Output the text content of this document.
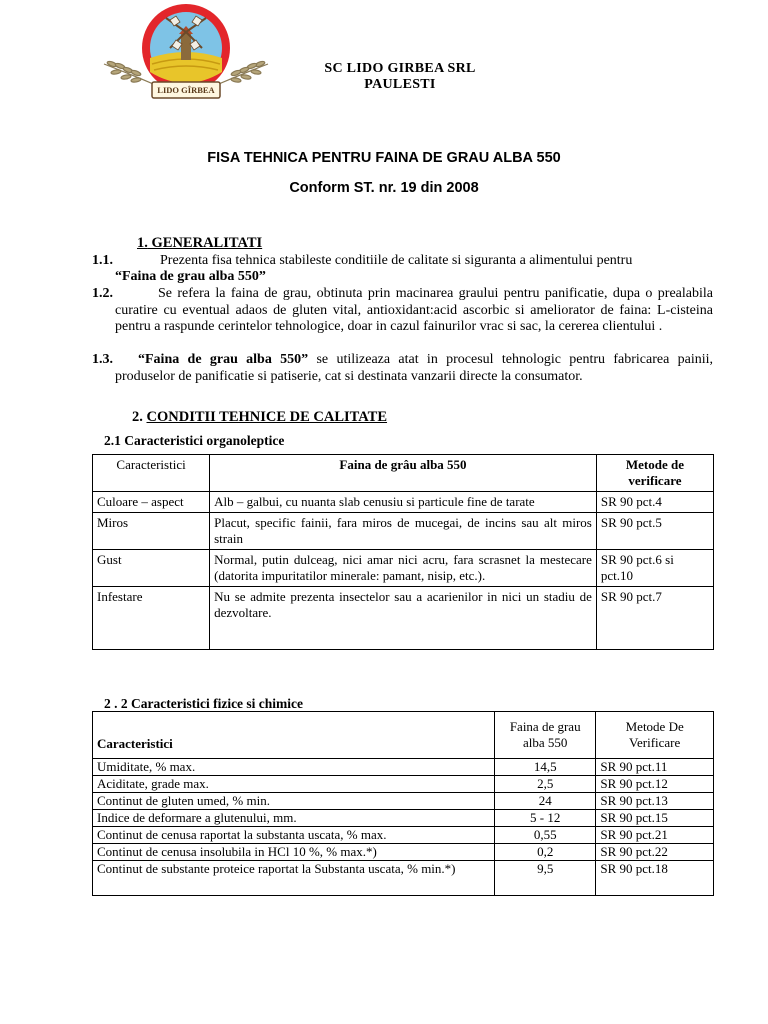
LIDO GÎRBEA
SC LIDO GIRBEA SRL
PAULESTI
FISA TEHNICA PENTRU FAINA DE GRAU ALBA 550
Conform ST. nr. 19 din 2008
1. GENERALITATI
1.1.	Prezenta fisa tehnica stabileste conditiile de calitate si siguranta a alimentului pentru
“Faina de grau alba 550”
1.2.	Se refera la faina de grau, obtinuta prin macinarea graului pentru panificatie, dupa o prealabila curatire cu eventual adaos de gluten vital, antioxidant:acid ascorbic si ameliorator de faina: L-cisteina pentru a raspunde cerintelor tehnologice, doar in cazul fainurilor vrac si sac, la cererea clientului .
1.3.	“Faina de grau alba 550” se utilizeaza atat in procesul tehnologic pentru fabricarea painii, produselor de panificatie si patiserie, cat si destinata vanzarii directe la consumator.
2. CONDITII TEHNICE DE CALITATE
2.1 Caracteristici organoleptice
Caracteristici	Faina de grâu alba 550	Metode de verificare
Culoare – aspect	Alb – galbui, cu nuanta slab cenusiu si particule fine de tarate	SR 90 pct.4
Miros	Placut, specific fainii, fara miros de mucegai, de incins sau alt miros strain	SR 90 pct.5
Gust	Normal, putin dulceag, nici amar nici acru, fara scrasnet la mestecare (datorita impuritatilor minerale: pamant, nisip, etc.).	SR 90 pct.6 si pct.10
Infestare	Nu se admite prezenta insectelor sau a acarienilor in nici un stadiu de dezvoltare.	SR 90 pct.7
2 . 2 Caracteristici fizice si chimice
Caracteristici	Faina de grau alba 550	Metode De Verificare
Umiditate, % max.	14,5	SR 90 pct.11
Aciditate, grade max.	2,5	SR 90 pct.12
Continut de gluten umed, % min.	24	SR 90 pct.13
Indice de deformare a glutenului, mm.	5 - 12	SR 90 pct.15
Continut de cenusa raportat la substanta uscata, % max.	0,55	SR 90 pct.21
Continut de cenusa insolubila in HCl 10 %, % max.*)	0,2	SR 90 pct.22
Continut de substante proteice raportat la Substanta uscata, % min.*)	9,5	SR 90 pct.18
